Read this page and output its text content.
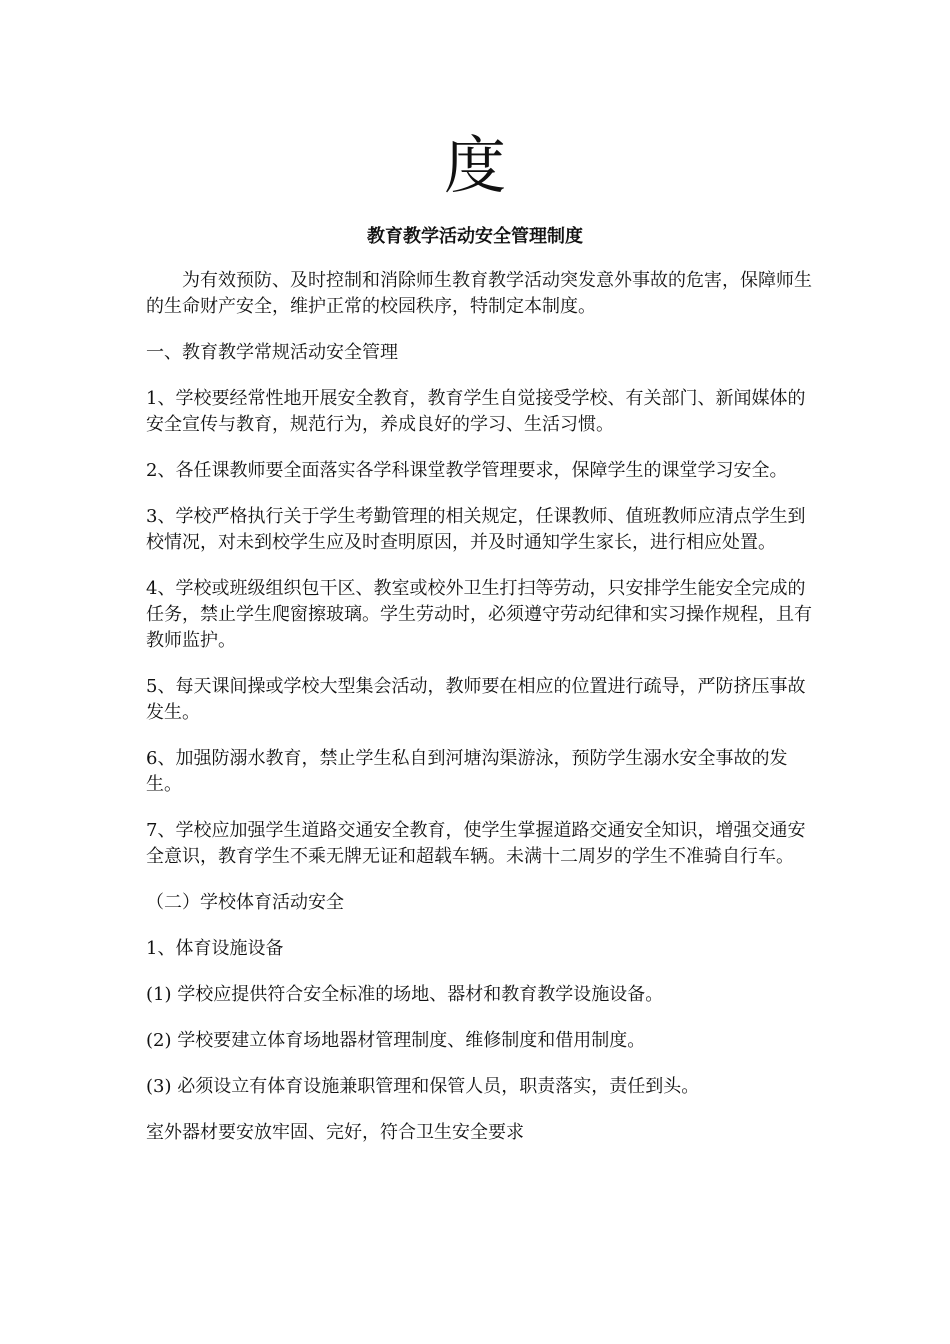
度
教育教学活动安全管理制度

为有效预防、及时控制和消除师生教育教学活动突发意外事故的危害，保障师生的生命财产安全，维护正常的校园秩序，特制定本制度。

一、教育教学常规活动安全管理

1、学校要经常性地开展安全教育，教育学生自觉接受学校、有关部门、新闻媒体的安全宣传与教育，规范行为，养成良好的学习、生活习惯。

2、各任课教师要全面落实各学科课堂教学管理要求，保障学生的课堂学习安全。

3、学校严格执行关于学生考勤管理的相关规定，任课教师、值班教师应清点学生到校情况，对未到校学生应及时查明原因，并及时通知学生家长，进行相应处置。

4、学校或班级组织包干区、教室或校外卫生打扫等劳动，只安排学生能安全完成的任务，禁止学生爬窗擦玻璃。学生劳动时，必须遵守劳动纪律和实习操作规程，且有教师监护。

5、每天课间操或学校大型集会活动，教师要在相应的位置进行疏导，严防挤压事故发生。

6、加强防溺水教育，禁止学生私自到河塘沟渠游泳，预防学生溺水安全事故的发生。

7、学校应加强学生道路交通安全教育，使学生掌握道路交通安全知识，增强交通安全意识，教育学生不乘无牌无证和超载车辆。未满十二周岁的学生不准骑自行车。

（二）学校体育活动安全

1、体育设施设备

(1) 学校应提供符合安全标准的场地、器材和教育教学设施设备。

(2) 学校要建立体育场地器材管理制度、维修制度和借用制度。

(3) 必须设立有体育设施兼职管理和保管人员，职责落实，责任到头。

室外器材要安放牢固、完好，符合卫生安全要求
